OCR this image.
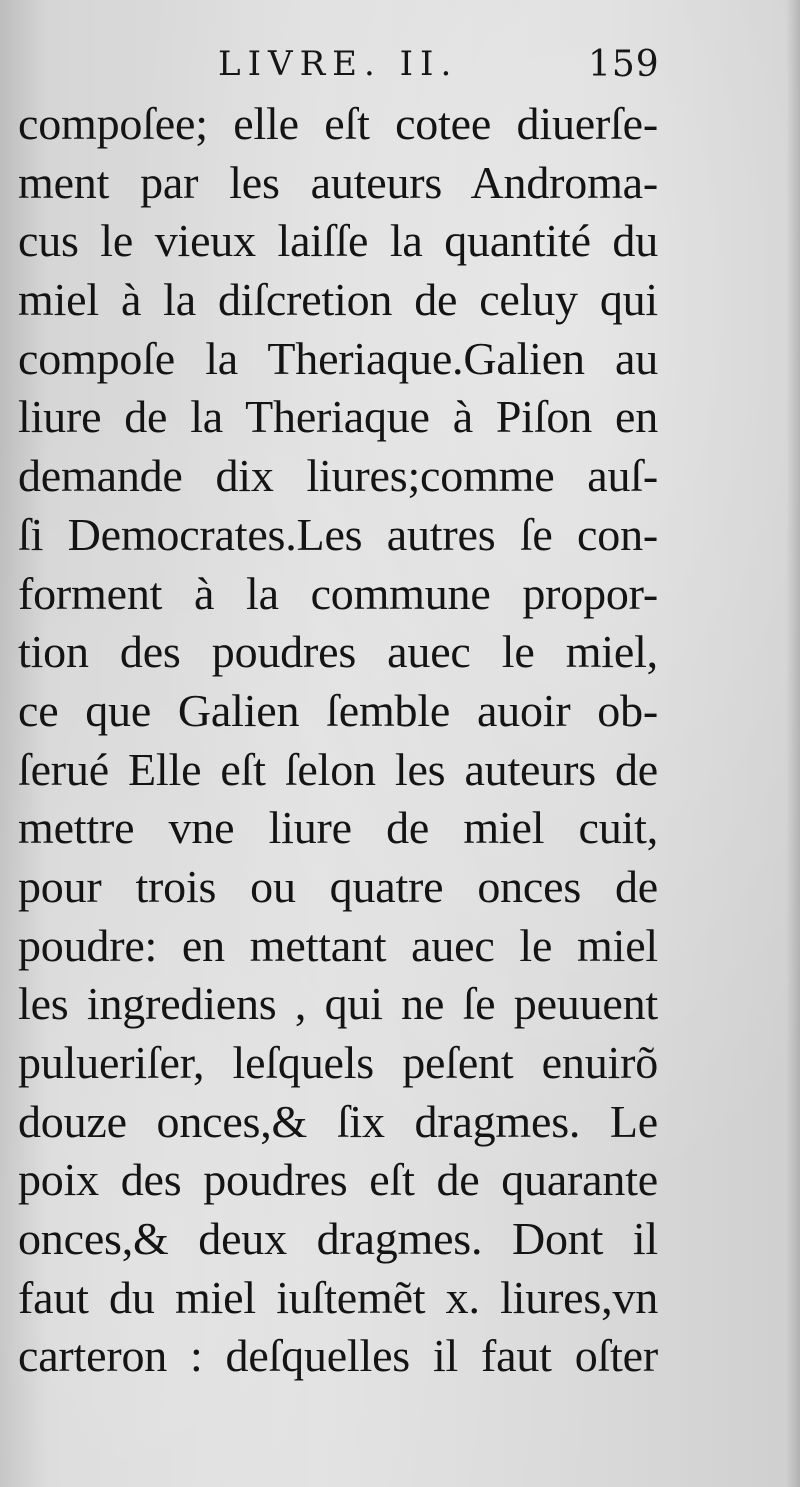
LIVRE. II.	159
compoſee; elle eſt cotee diuerſe-
ment par les auteurs Androma-
cus le vieux laiſſe la quantité du
miel à la diſcretion de celuy qui
compoſe la Theriaque.Galien au
liure de la Theriaque à Piſon en
demande dix liures;comme auſ-
ſi Democrates.Les autres ſe con-
forment à la commune propor-
tion des poudres auec le miel,
ce que Galien ſemble auoir ob-
ſerué Elle eſt ſelon les auteurs de
mettre vne liure de miel cuit,
pour trois ou quatre onces de
poudre: en mettant auec le miel
les ingrediens , qui ne ſe peuuent
pulueriſer, leſquels peſent enuirõ
douze onces,& ſix dragmes. Le
poix des poudres eſt de quarante
onces,& deux dragmes. Dont il
faut du miel iuſtemẽt x. liures,vn
carteron : deſquelles il faut oſter
